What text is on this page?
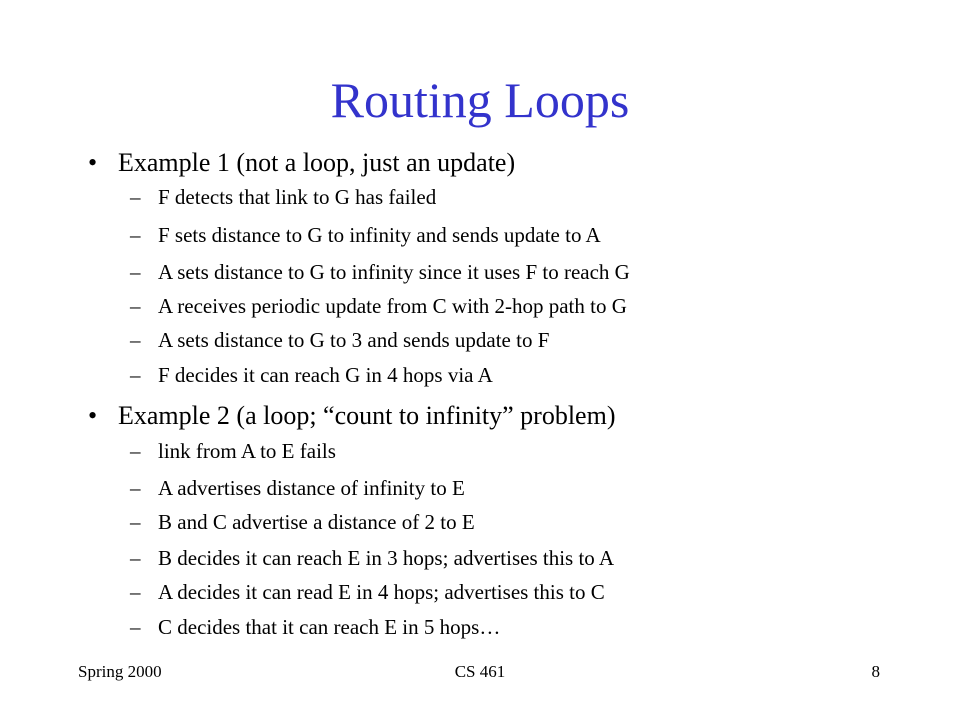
Routing Loops
• Example 1 (not a loop, just an update)
– F detects that link to G has failed
– F sets distance to G to infinity and sends update to A
– A sets distance to G to infinity since it uses F to reach G
– A receives periodic update from C with 2-hop path to G
– A sets distance to G to 3 and sends update to F
– F decides it can reach G in 4 hops via A
• Example 2 (a loop; “count to infinity” problem)
– link from A to E fails
– A advertises distance of infinity to E
– B and C advertise a distance of 2 to E
– B decides it can reach E in 3 hops; advertises this to A
– A decides it can read E in 4 hops; advertises this to C
– C decides that it can reach E in 5 hops…
Spring 2000	CS 461	8
